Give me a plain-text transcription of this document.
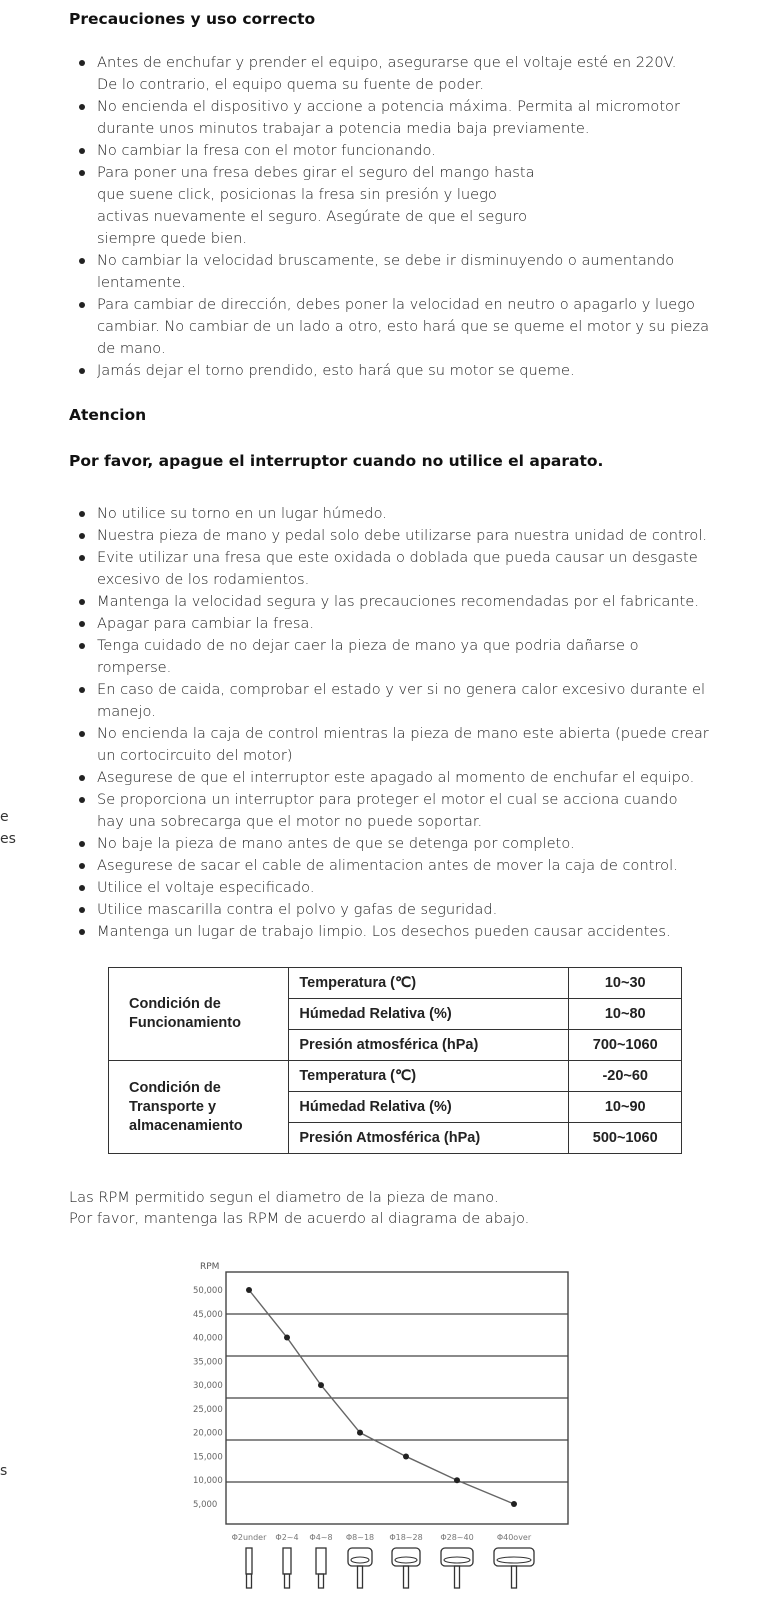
Precauciones y uso correcto
Antes de enchufar y prender el equipo, asegurarse que el voltaje esté en 220V.
De lo contrario, el equipo quema su fuente de poder.
No encienda el dispositivo y accione a potencia máxima. Permita al micromotor
durante unos minutos trabajar a potencia media baja previamente.
No cambiar la fresa con el motor funcionando.
Para poner una fresa debes girar el seguro del mango hasta
que suene click, posicionas la fresa sin presión y luego
activas nuevamente el seguro. Asegúrate de que el seguro
siempre quede bien.
No cambiar la velocidad bruscamente, se debe ir disminuyendo o aumentando
lentamente.
Para cambiar de dirección, debes poner la velocidad en neutro o apagarlo y luego
cambiar. No cambiar de un lado a otro, esto hará que se queme el motor y su pieza
de mano.
Jamás dejar el torno prendido, esto hará que su motor se queme.
Atencion
Por favor, apague el interruptor cuando no utilice el aparato.
No utilice su torno en un lugar húmedo.
Nuestra pieza de mano y pedal solo debe utilizarse para nuestra unidad de control.
Evite utilizar una fresa que este oxidada o doblada que pueda causar un desgaste
excesivo de los rodamientos.
Mantenga la velocidad segura y las precauciones recomendadas por el fabricante.
Apagar para cambiar la fresa.
Tenga cuidado de no dejar caer la pieza de mano ya que podria dañarse o
romperse.
En caso de caida, comprobar el estado y ver si no genera calor excesivo durante el
manejo.
No encienda la caja de control mientras la pieza de mano este abierta (puede crear
un cortocircuito del motor)
Asegurese de que el interruptor este apagado al momento de enchufar el equipo.
Se proporciona un interruptor para proteger el motor el cual se acciona cuando
hay una sobrecarga que el motor no puede soportar.
No baje la pieza de mano antes de que se detenga por completo.
Asegurese de sacar el cable de alimentacion antes de mover la caja de control.
Utilice el voltaje especificado.
Utilice mascarilla contra el polvo y gafas de seguridad.
Mantenga un lugar de trabajo limpio. Los desechos pueden causar accidentes.
e
es
s
Condición de
Funcionamiento	Temperatura (℃)	10~30
	Húmedad Relativa (%)	10~80
	Presión atmosférica (hPa)	700~1060
Condición de
Transporte y
almacenamiento	Temperatura (℃)	-20~60
	Húmedad Relativa (%)	10~90
	Presión Atmosférica (hPa)	500~1060

Las RPM permitido segun el diametro de la pieza de mano.
Por favor, mantenga las RPM de acuerdo al diagrama de abajo.

RPM
50,000
45,000
40,000
35,000
30,000
25,000
20,000
15,000
10,000
5,000
Φ2under Φ2~4 Φ4~8 Φ8~18 Φ18~28 Φ28~40	Φ40over
